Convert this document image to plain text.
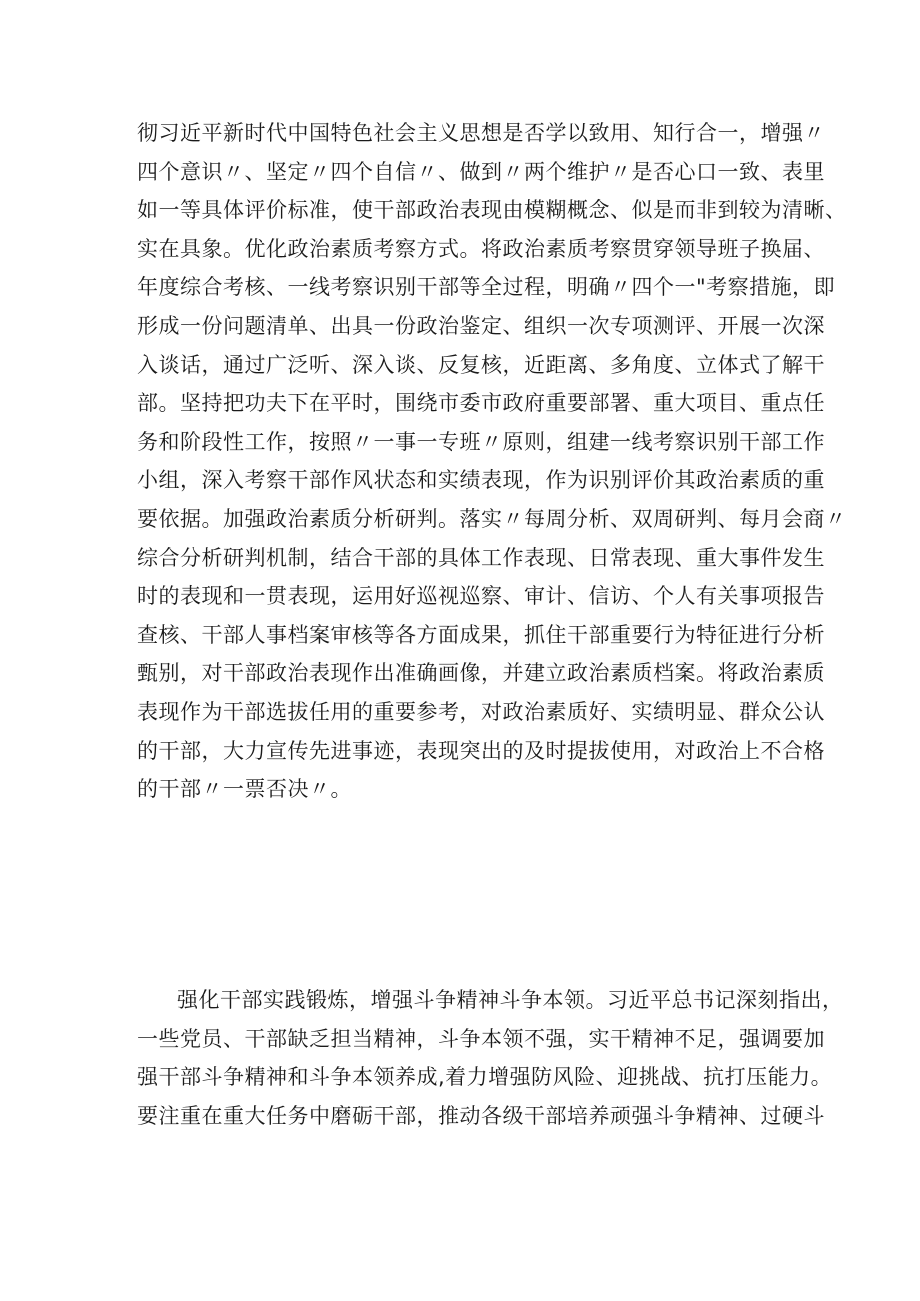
彻习近平新时代中国特色社会主义思想是否学以致用、知行合一，增强〃
四个意识〃、坚定〃四个自信〃、做到〃两个维护〃是否心口一致、表里
如一等具体评价标准，使干部政治表现由模糊概念、似是而非到较为清晰、
实在具象。优化政治素质考察方式。将政治素质考察贯穿领导班子换届、
年度综合考核、一线考察识别干部等全过程，明确〃四个一"考察措施，即
形成一份问题清单、出具一份政治鉴定、组织一次专项测评、开展一次深
入谈话，通过广泛听、深入谈、反复核，近距离、多角度、立体式了解干
部。坚持把功夫下在平时，围绕市委市政府重要部署、重大项目、重点任
务和阶段性工作，按照〃一事一专班〃原则，组建一线考察识别干部工作
小组，深入考察干部作风状态和实绩表现，作为识别评价其政治素质的重
要依据。加强政治素质分析研判。落实〃每周分析、双周研判、每月会商〃
综合分析研判机制，结合干部的具体工作表现、日常表现、重大事件发生
时的表现和一贯表现，运用好巡视巡察、审计、信访、个人有关事项报告
查核、干部人事档案审核等各方面成果，抓住干部重要行为特征进行分析
甄别，对干部政治表现作出准确画像，并建立政治素质档案。将政治素质
表现作为干部选拔任用的重要参考，对政治素质好、实绩明显、群众公认
的干部，大力宣传先进事迹，表现突出的及时提拔使用，对政治上不合格
的干部〃一票否决〃。
强化干部实践锻炼，增强斗争精神斗争本领。习近平总书记深刻指出，
一些党员、干部缺乏担当精神，斗争本领不强，实干精神不足，强调要加
强干部斗争精神和斗争本领养成,着力增强防风险、迎挑战、抗打压能力。
要注重在重大任务中磨砺干部，推动各级干部培养顽强斗争精神、过硬斗
